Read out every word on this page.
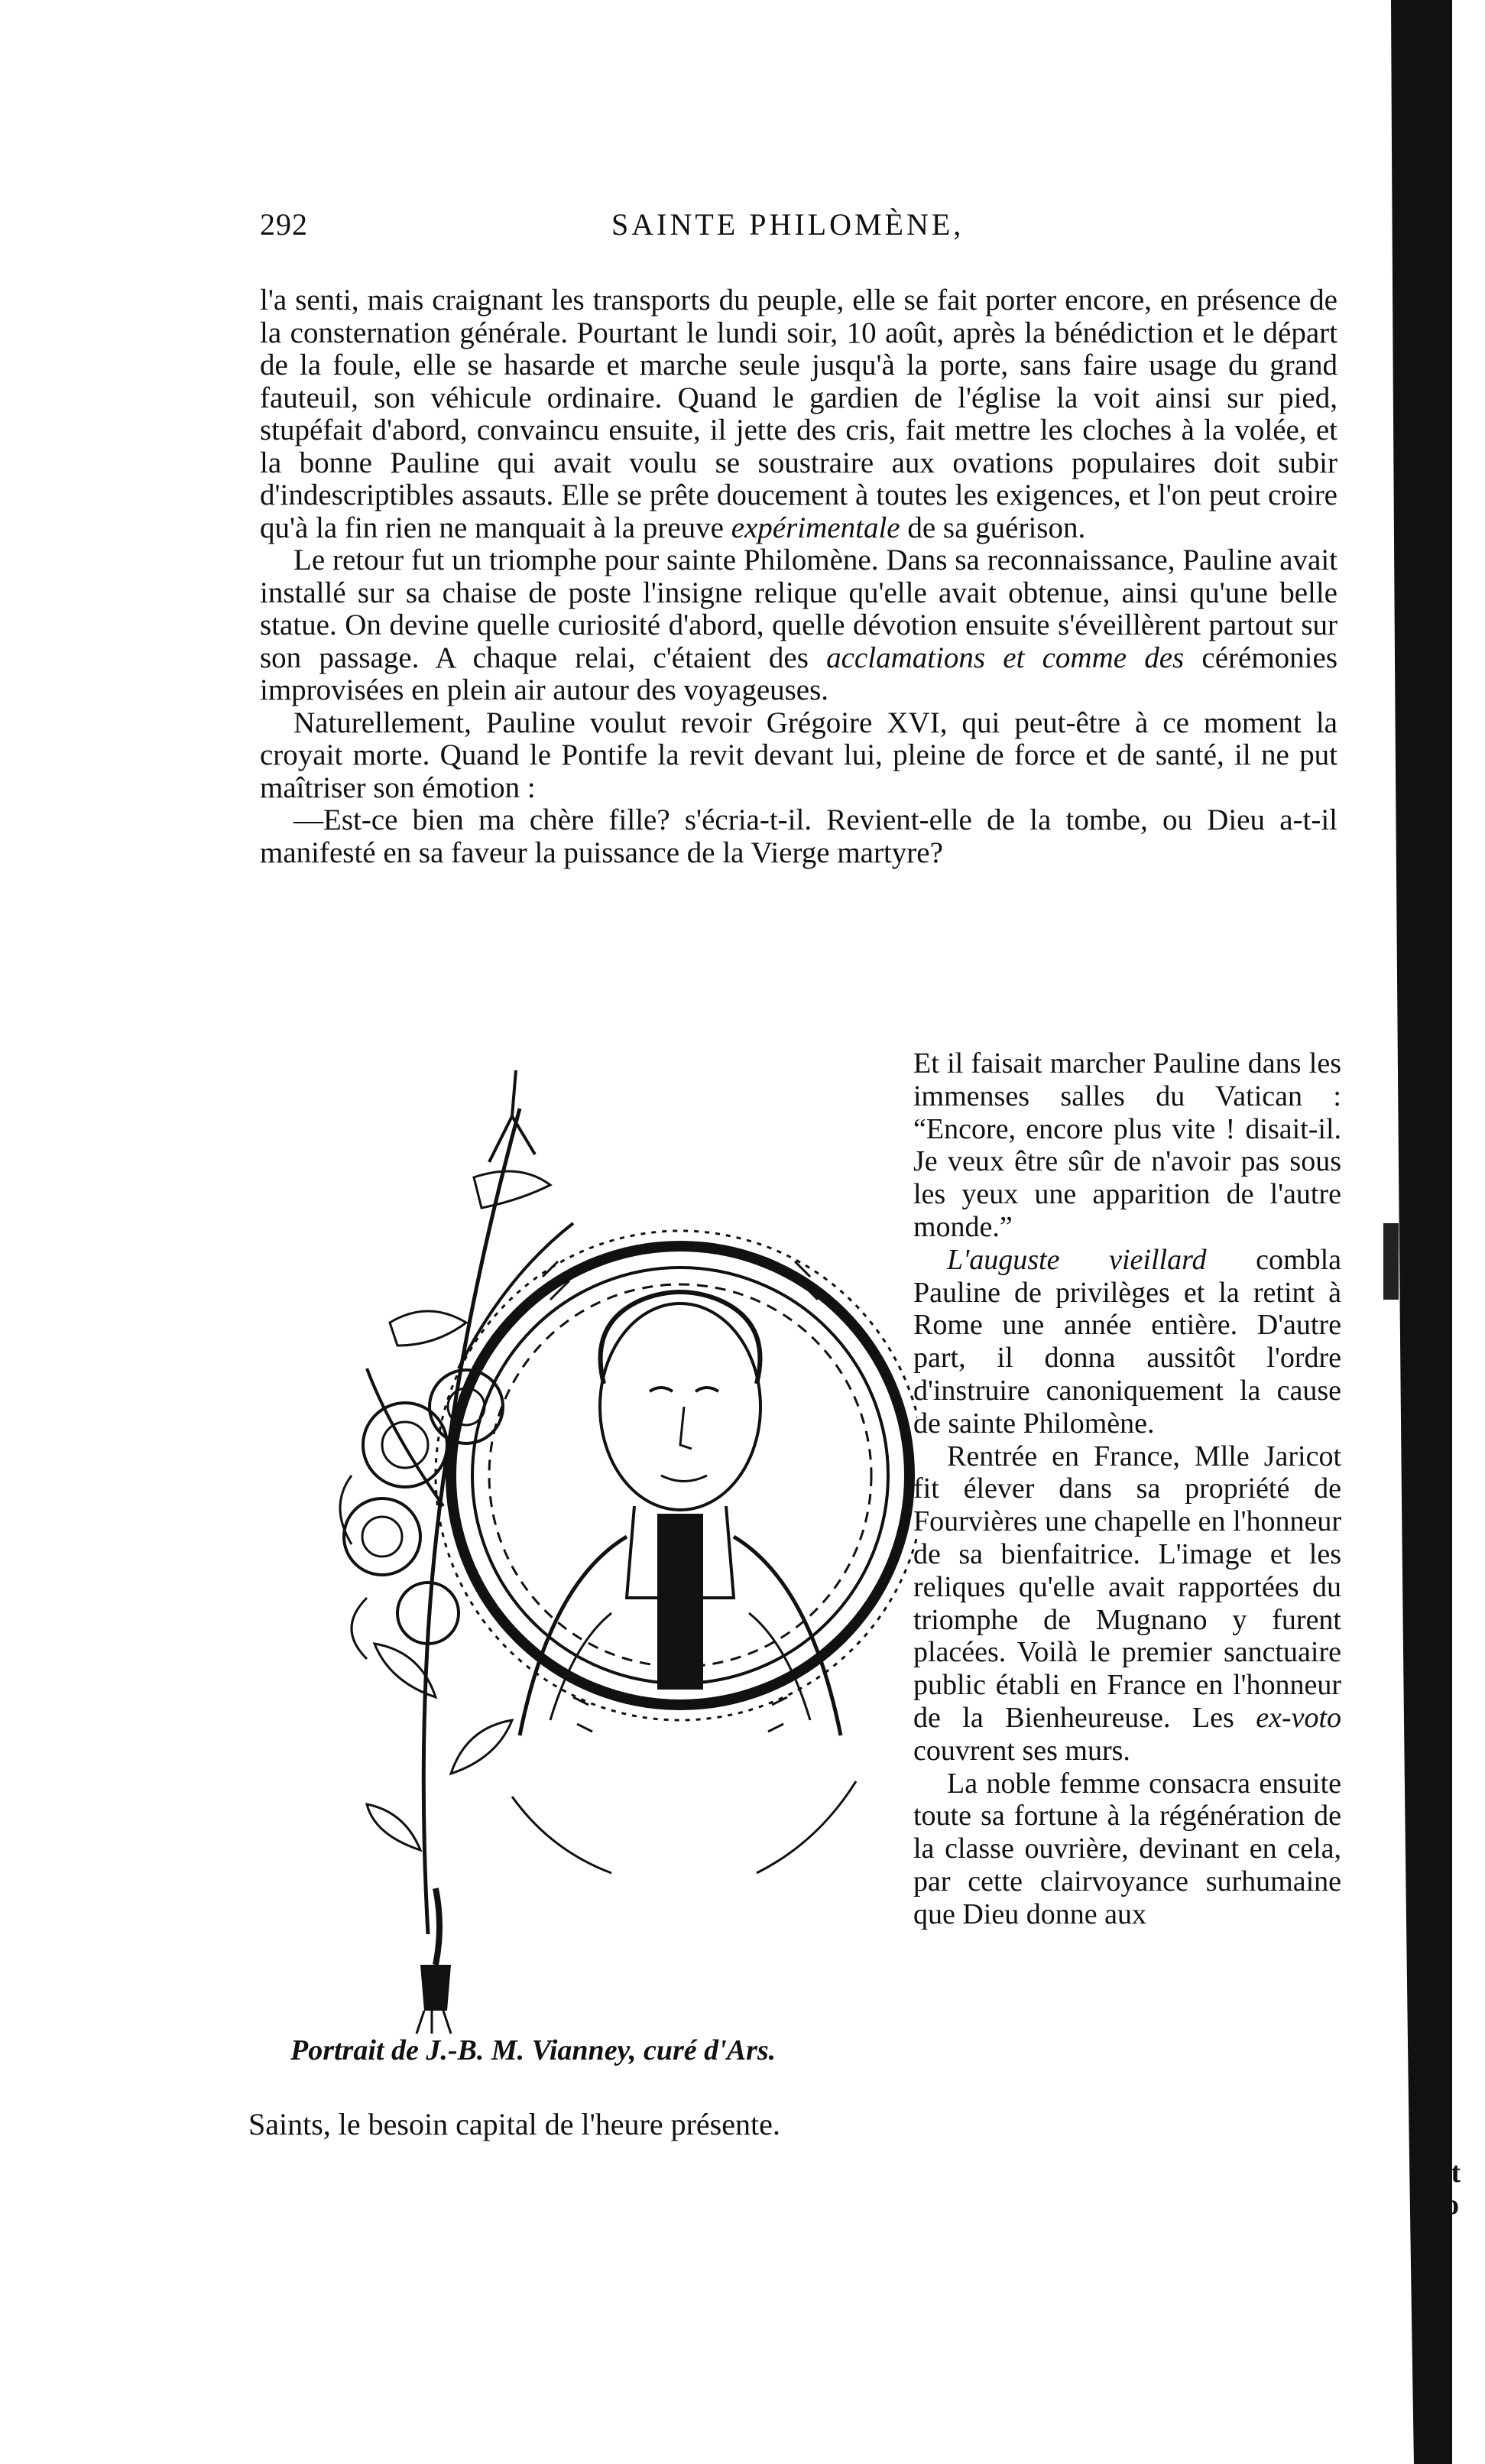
292	SAINTE PHILOMÈNE,

l'a senti, mais craignant les transports du peuple, elle se fait porter encore, en présence de la consternation générale. Pourtant le lundi soir, 10 août, après la bénédiction et le départ de la foule, elle se hasarde et marche seule jusqu'à la porte, sans faire usage du grand fauteuil, son véhicule ordinaire. Quand le gardien de l'église la voit ainsi sur pied, stupéfait d'abord, convaincu ensuite, il jette des cris, fait mettre les cloches à la volée, et la bonne Pauline qui avait voulu se soustraire aux ovations populaires doit subir d'indescriptibles assauts. Elle se prête doucement à toutes les exigences, et l'on peut croire qu'à la fin rien ne manquait à la preuve expérimentale de sa guérison.

Le retour fut un triomphe pour sainte Philomène. Dans sa reconnaissance, Pauline avait installé sur sa chaise de poste l'insigne relique qu'elle avait obtenue, ainsi qu'une belle statue. On devine quelle curiosité d'abord, quelle dévotion ensuite s'éveillèrent partout sur son passage. A chaque relai, c'étaient des acclamations et comme des cérémonies improvisées en plein air autour des voyageuses.

Naturellement, Pauline voulut revoir Grégoire XVI, qui peut-être à ce moment la croyait morte. Quand le Pontife la revit devant lui, pleine de force et de santé, il ne put maîtriser son émotion :

—Est-ce bien ma chère fille? s'écria-t-il. Revient-elle de la tombe, ou Dieu a-t-il manifesté en sa faveur la puissance de la Vierge martyre?

Portrait de J.-B. M. Vianney, curé d'Ars.

Et il faisait marcher Pauline dans les immenses salles du Vatican : “Encore, encore plus vite ! disait-il. Je veux être sûr de n'avoir pas sous les yeux une apparition de l'autre monde.”

L'auguste vieillard combla Pauline de privilèges et la retint à Rome une année entière. D'autre part, il donna aussitôt l'ordre d'instruire canoniquement la cause de sainte Philomène.

Rentrée en France, Mlle Jaricot fit élever dans sa propriété de Fourvières une chapelle en l'honneur de sa bienfaitrice. L'image et les reliques qu'elle avait rapportées du triomphe de Mugnano y furent placées. Voilà le premier sanctuaire public établi en France en l'honneur de la Bienheureuse. Les ex-voto couvrent ses murs.

La noble femme consacra ensuite toute sa fortune à la régénération de la classe ouvrière, devinant en cela, par cette clairvoyance surhumaine que Dieu donne aux

Saints, le besoin capital de l'heure présente.
hist
cho
